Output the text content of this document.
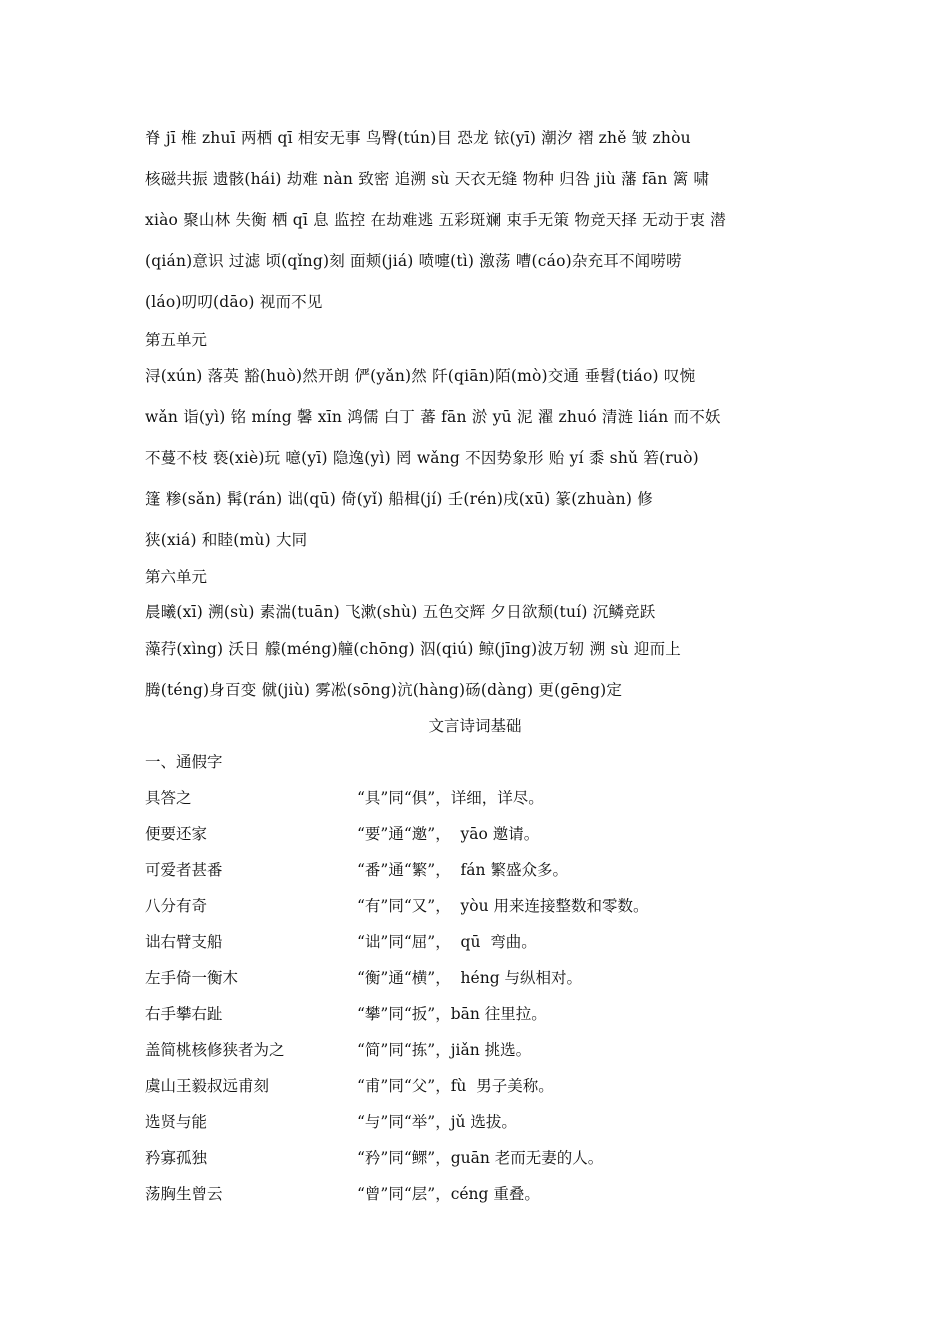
脊 jī 椎 zhuī 两栖 qī 相安无事 鸟臀(tún)目 恐龙 铱(yī) 潮汐 褶 zhě 皱 zhòu
核磁共振 遗骸(hái) 劫难 nàn 致密 追溯 sù 天衣无缝 物种 归咎 jiù 藩 fān 篱 啸
xiào 聚山林 失衡 栖 qī 息 监控 在劫难逃 五彩斑斓 束手无策 物竞天择 无动于衷 潜
(qián)意识 过滤 顷(qǐng)刻 面颊(jiá) 喷嚏(tì) 激荡 嘈(cáo)杂充耳不闻唠唠
(láo)叨叨(dāo) 视而不见
第五单元
浔(xún) 落英 豁(huò)然开朗 俨(yǎn)然 阡(qiān)陌(mò)交通 垂髫(tiáo) 叹惋
wǎn 诣(yì) 铭 míng 馨 xīn 鸿儒 白丁 蕃 fān 淤 yū 泥 濯 zhuó 清涟 lián 而不妖
不蔓不枝 亵(xiè)玩 噫(yī) 隐逸(yì) 罔 wǎng 不因势象形 贻 yí 黍 shǔ 箬(ruò)
篷 糁(sǎn) 髯(rán) 诎(qū) 倚(yǐ) 船楫(jí) 壬(rén)戌(xū) 篆(zhuàn) 修
狭(xiá) 和睦(mù) 大同
第六单元
晨曦(xī) 溯(sù) 素湍(tuān) 飞漱(shù) 五色交辉 夕日欲颓(tuí) 沉鳞竞跃
藻荇(xìng) 沃日 艨(méng)艟(chōng) 泅(qiú) 鲸(jīng)波万轫 溯 sù 迎而上
腾(téng)身百变 僦(jiù) 雾凇(sōng)沆(hàng)砀(dàng) 更(gēng)定
文言诗词基础
一、通假字
具答之	“具”同“俱”，详细，详尽。
便要还家	“要”通“邀”，  yāo 邀请。
可爱者甚番	“番”通“繁”，  fán 繁盛众多。
八分有奇	“有”同“又”，  yòu 用来连接整数和零数。
诎右臂支船	“诎”同“屈”，  qū  弯曲。
左手倚一衡木	“衡”通“横”，  héng 与纵相对。
右手攀右趾	“攀”同“扳”，bān 往里拉。
盖简桃核修狭者为之	“简”同“拣”，jiǎn 挑选。
虞山王毅叔远甫刻	“甫”同“父”，fù  男子美称。
选贤与能	“与”同“举”，jǔ 选拔。
矜寡孤独	“矜”同“鳏”，guān 老而无妻的人。
荡胸生曾云	“曾”同“层”，céng 重叠。
